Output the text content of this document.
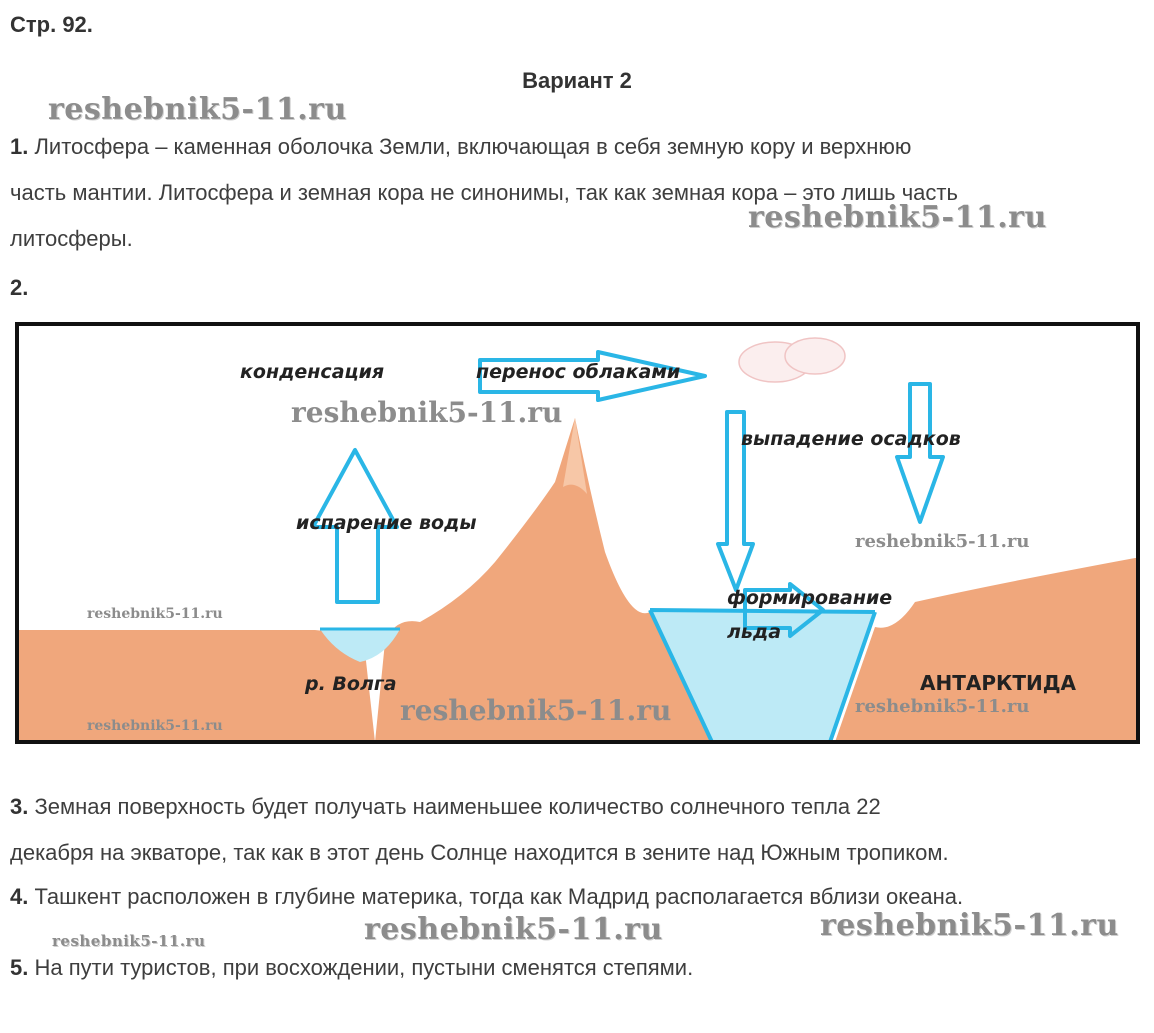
Стр. 92.
Вариант 2
1. Литосфера – каменная оболочка Земли, включающая в себя земную кору и верхнюю
часть мантии. Литосфера и земная кора не синонимы, так как земная кора – это лишь часть
литосферы.
2.
конденсация	перенос облаками
выпадение осадков
испарение воды
формирование
льда
р. Волга	АНТАРКТИДА
reshebnik5-11.ru
reshebnik5-11.ru
reshebnik5-11.ru
reshebnik5-11.ru	reshebnik5-11.ru
reshebnik5-11.ru
3. Земная поверхность будет получать наименьшее количество солнечного тепла 22
декабря на экваторе, так как в этот день Солнце находится в зените над Южным тропиком.
4. Ташкент расположен в глубине материка, тогда как Мадрид располагается вблизи океана.
5. На пути туристов, при восхождении, пустыни сменятся степями.
reshebnik5-11.ru
reshebnik5-11.ru
reshebnik5-11.ru	reshebnik5-11.ru
reshebnik5-11.ru
